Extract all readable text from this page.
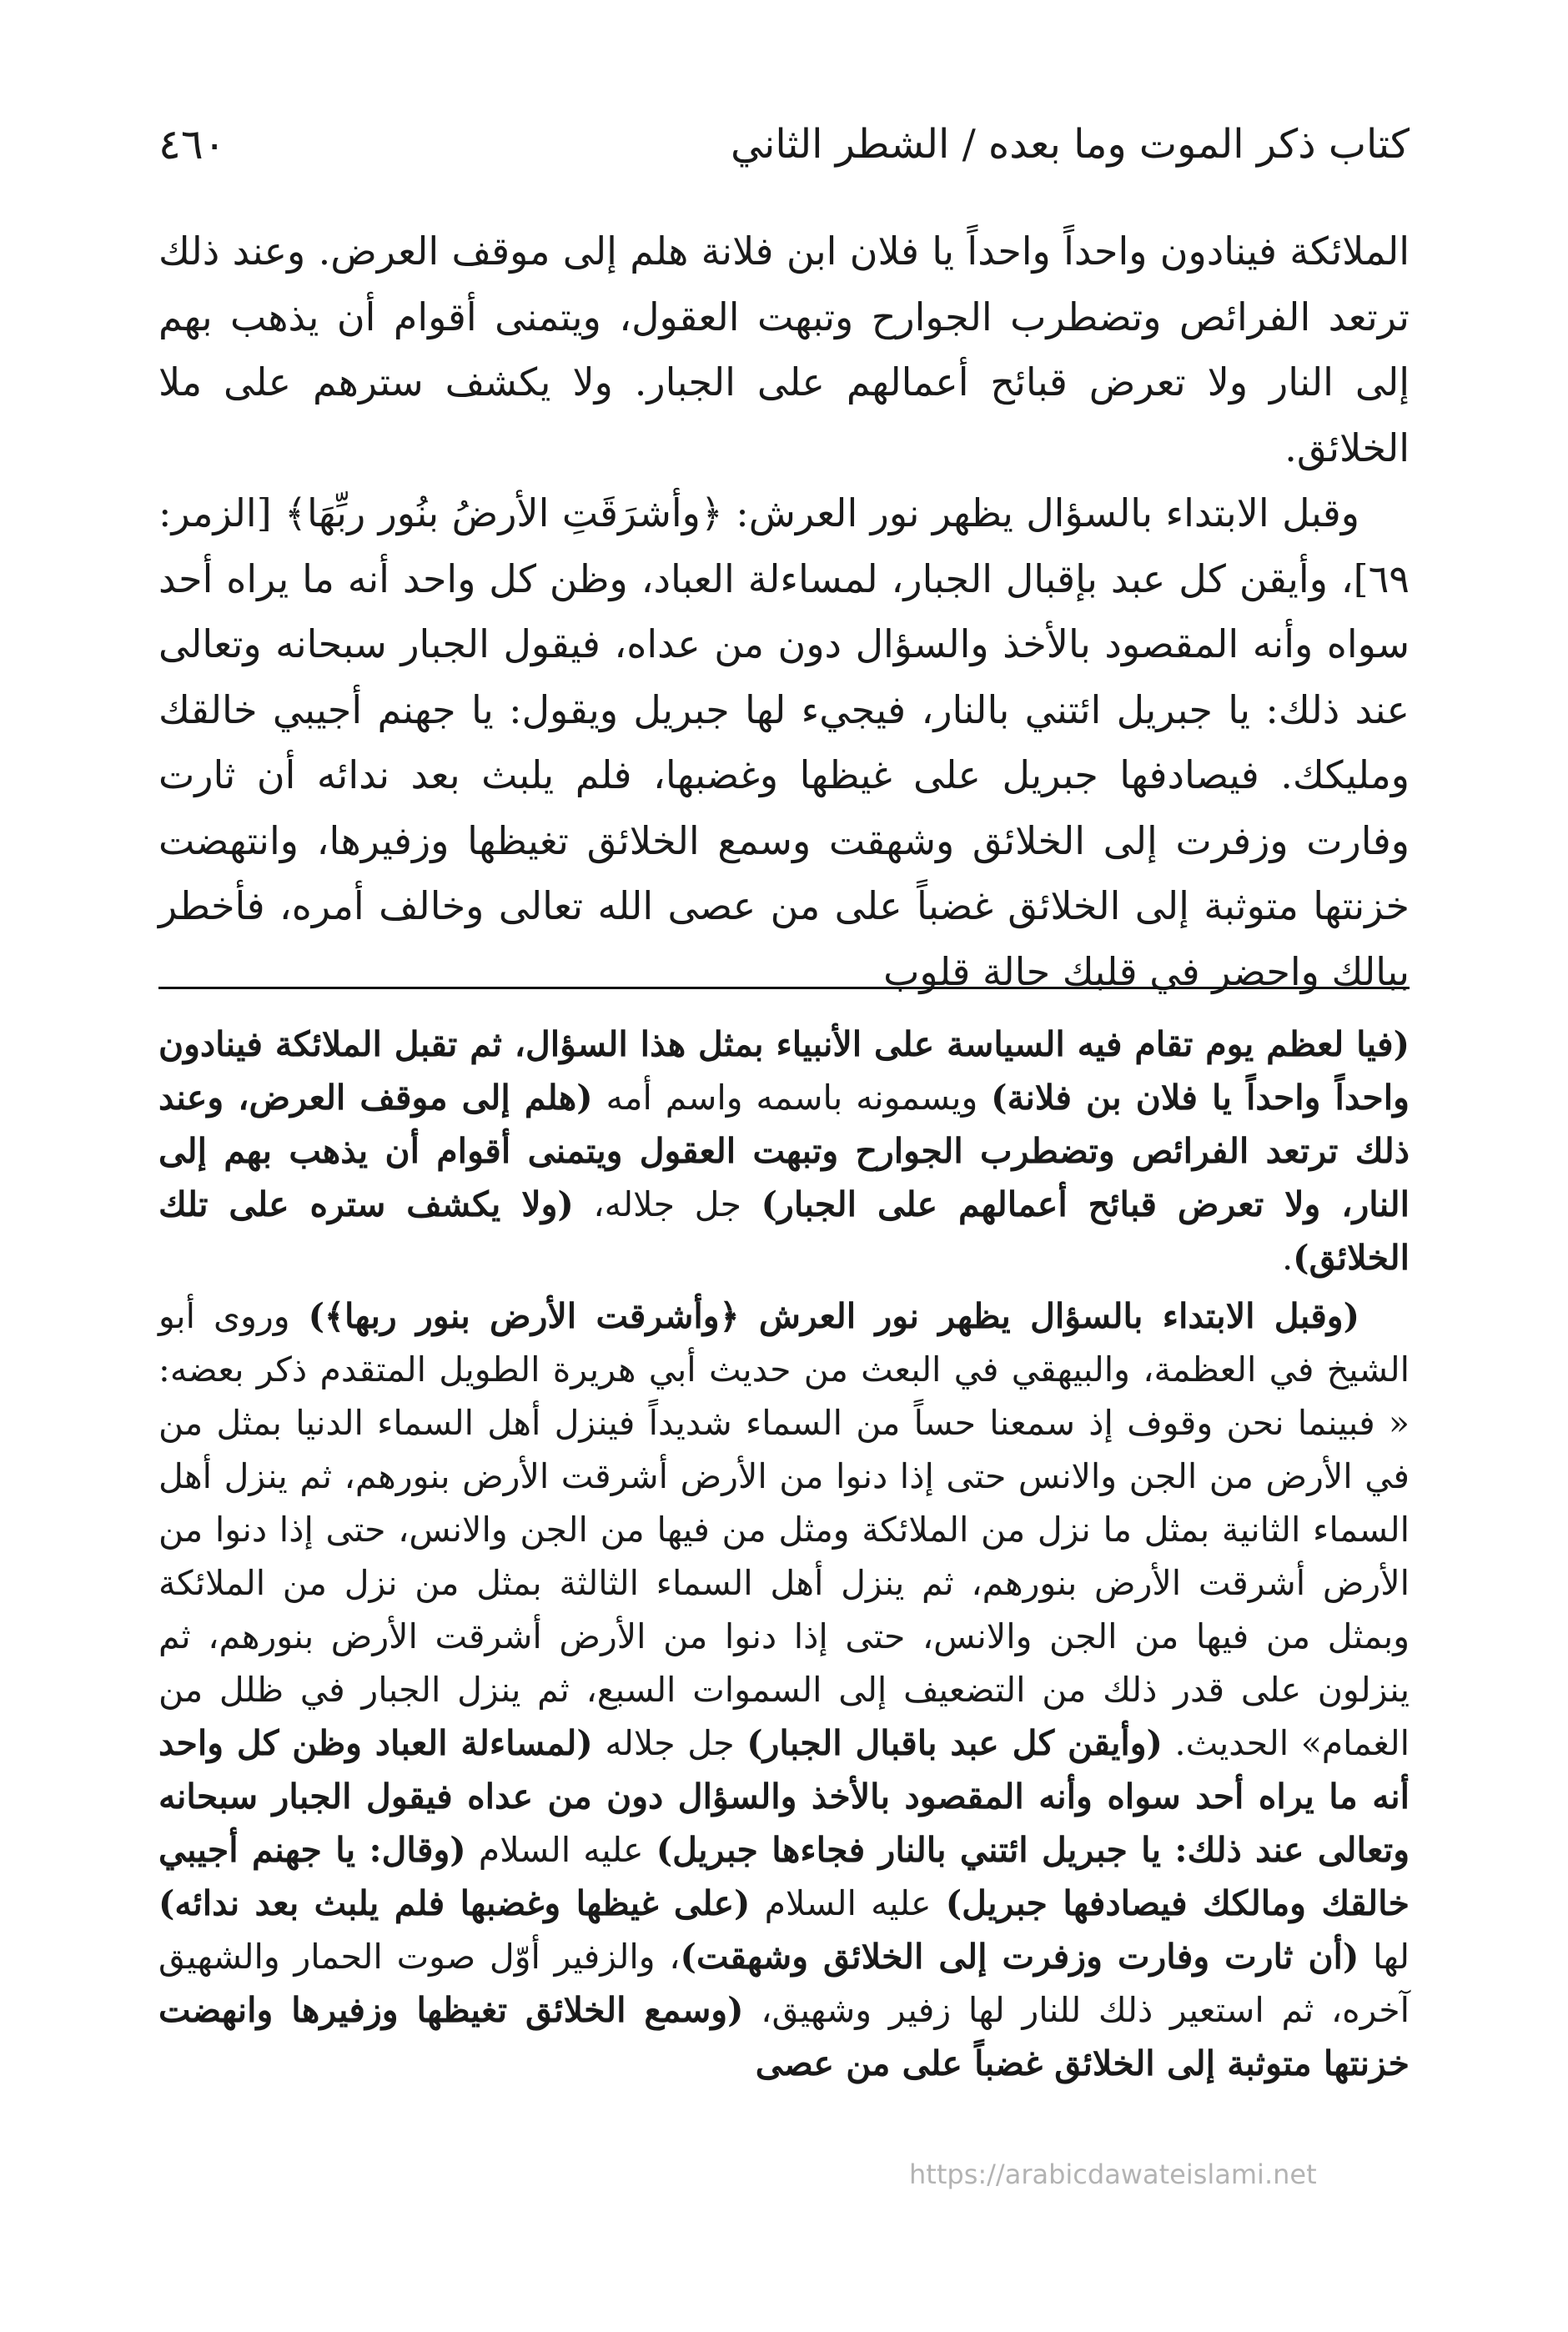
كتاب ذكر الموت وما بعده / الشطر الثاني
٤٦٠

الملائكة فينادون واحداً واحداً يا فلان ابن فلانة هلم إلى موقف العرض. وعند ذلك ترتعد الفرائص وتضطرب الجوارح وتبهت العقول، ويتمنى أقوام أن يذهب بهم إلى النار ولا تعرض قبائح أعمالهم على الجبار. ولا يكشف سترهم على ملا الخلائق.

وقبل الابتداء بالسؤال يظهر نور العرش: ﴿وأشرَقَتِ الأرضُ بنُور ربِّهَا﴾ [الزمر: ٦٩]، وأيقن كل عبد بإقبال الجبار، لمساءلة العباد، وظن كل واحد أنه ما يراه أحد سواه وأنه المقصود بالأخذ والسؤال دون من عداه، فيقول الجبار سبحانه وتعالى عند ذلك: يا جبريل ائتني بالنار، فيجيء لها جبريل ويقول: يا جهنم أجيبي خالقك ومليكك. فيصادفها جبريل على غيظها وغضبها، فلم يلبث بعد ندائه أن ثارت وفارت وزفرت إلى الخلائق وشهقت وسمع الخلائق تغيظها وزفيرها، وانتهضت خزنتها متوثبة إلى الخلائق غضباً على من عصى الله تعالى وخالف أمره، فأخطر ببالك واحضر في قلبك حالة قلوب

(فيا لعظم يوم تقام فيه السياسة على الأنبياء بمثل هذا السؤال، ثم تقبل الملائكة فينادون واحداً واحداً يا فلان بن فلانة) ويسمونه باسمه واسم أمه (هلم إلى موقف العرض، وعند ذلك ترتعد الفرائص وتضطرب الجوارح وتبهت العقول ويتمنى أقوام أن يذهب بهم إلى النار، ولا تعرض قبائح أعمالهم على الجبار) جل جلاله، (ولا يكشف ستره على تلك الخلائق).

(وقبل الابتداء بالسؤال يظهر نور العرش ﴿وأشرقت الأرض بنور ربها﴾) وروى أبو الشيخ في العظمة، والبيهقي في البعث من حديث أبي هريرة الطويل المتقدم ذكر بعضه: « فبينما نحن وقوف إذ سمعنا حساً من السماء شديداً فينزل أهل السماء الدنيا بمثل من في الأرض من الجن والانس حتى إذا دنوا من الأرض أشرقت الأرض بنورهم، ثم ينزل أهل السماء الثانية بمثل ما نزل من الملائكة ومثل من فيها من الجن والانس، حتى إذا دنوا من الأرض أشرقت الأرض بنورهم، ثم ينزل أهل السماء الثالثة بمثل من نزل من الملائكة وبمثل من فيها من الجن والانس، حتى إذا دنوا من الأرض أشرقت الأرض بنورهم، ثم ينزلون على قدر ذلك من التضعيف إلى السموات السبع، ثم ينزل الجبار في ظلل من الغمام» الحديث. (وأيقن كل عبد باقبال الجبار) جل جلاله (لمساءلة العباد وظن كل واحد أنه ما يراه أحد سواه وأنه المقصود بالأخذ والسؤال دون من عداه فيقول الجبار سبحانه وتعالى عند ذلك: يا جبريل ائتني بالنار فجاءها جبريل) عليه السلام (وقال: يا جهنم أجيبي خالقك ومالكك فيصادفها جبريل) عليه السلام (على غيظها وغضبها فلم يلبث بعد ندائه) لها (أن ثارت وفارت وزفرت إلى الخلائق وشهقت)، والزفير أوّل صوت الحمار والشهيق آخره، ثم استعير ذلك للنار لها زفير وشهيق، (وسمع الخلائق تغيظها وزفيرها وانهضت خزنتها متوثبة إلى الخلائق غضباً على من عصى

https://arabicdawateislami.net
